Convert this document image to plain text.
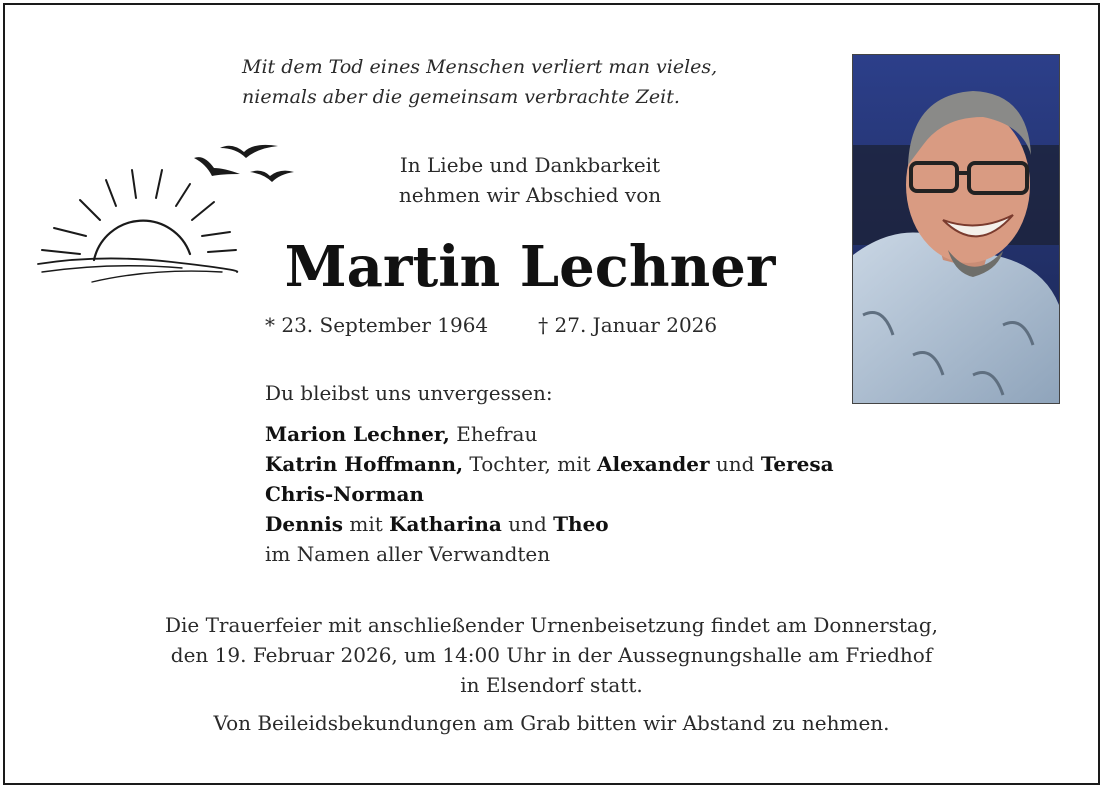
Mit dem Tod eines Menschen verliert man vieles,
niemals aber die gemeinsam verbrachte Zeit.
In Liebe und Dankbarkeit
nehmen wir Abschied von
Martin Lechner
* 23. September 1964	† 27. Januar 2026
Du bleibst uns unvergessen:
Marion Lechner, Ehefrau
Katrin Hoffmann, Tochter, mit Alexander und Teresa
Chris-Norman
Dennis mit Katharina und Theo
im Namen aller Verwandten
Die Trauerfeier mit anschließender Urnenbeisetzung findet am Donnerstag,
den 19. Februar 2026, um 14:00 Uhr in der Aussegnungshalle am Friedhof
in Elsendorf statt.
Von Beileidsbekundungen am Grab bitten wir Abstand zu nehmen.
